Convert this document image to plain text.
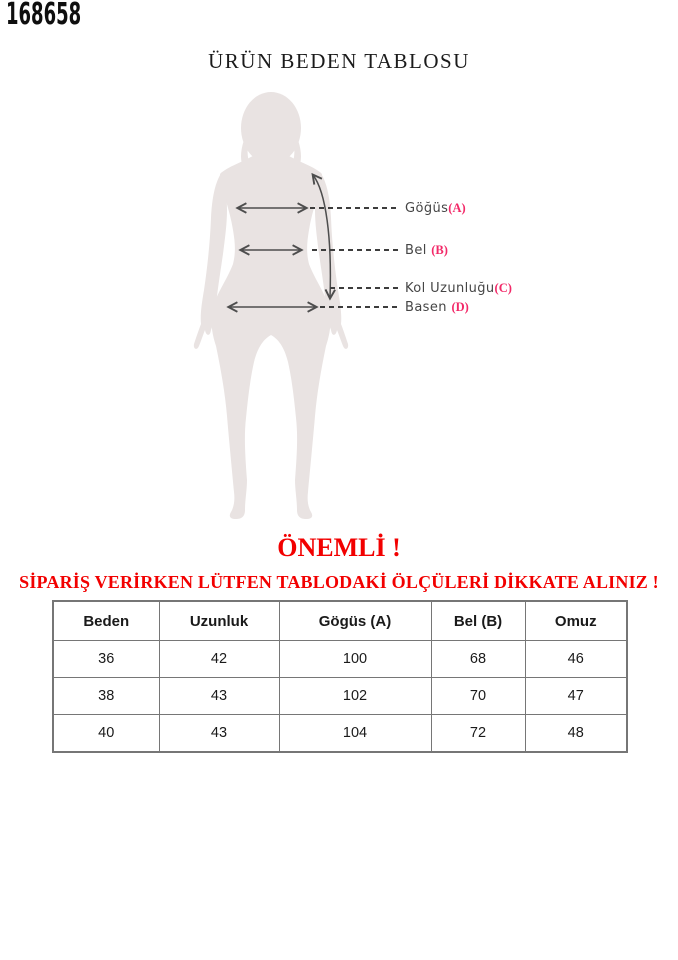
168658
ÜRÜN BEDEN TABLOSU
Göğüs(A)
Bel (B)
Kol Uzunluğu(C)
Basen (D)
ÖNEMLİ !
SİPARİŞ VERİRKEN LÜTFEN TABLODAKİ ÖLÇÜLERİ DİKKATE ALINIZ !
Beden	Uzunluk	Gögüs (A)	Bel (B)	Omuz
36	42	100	68	46
38	43	102	70	47
40	43	104	72	48
